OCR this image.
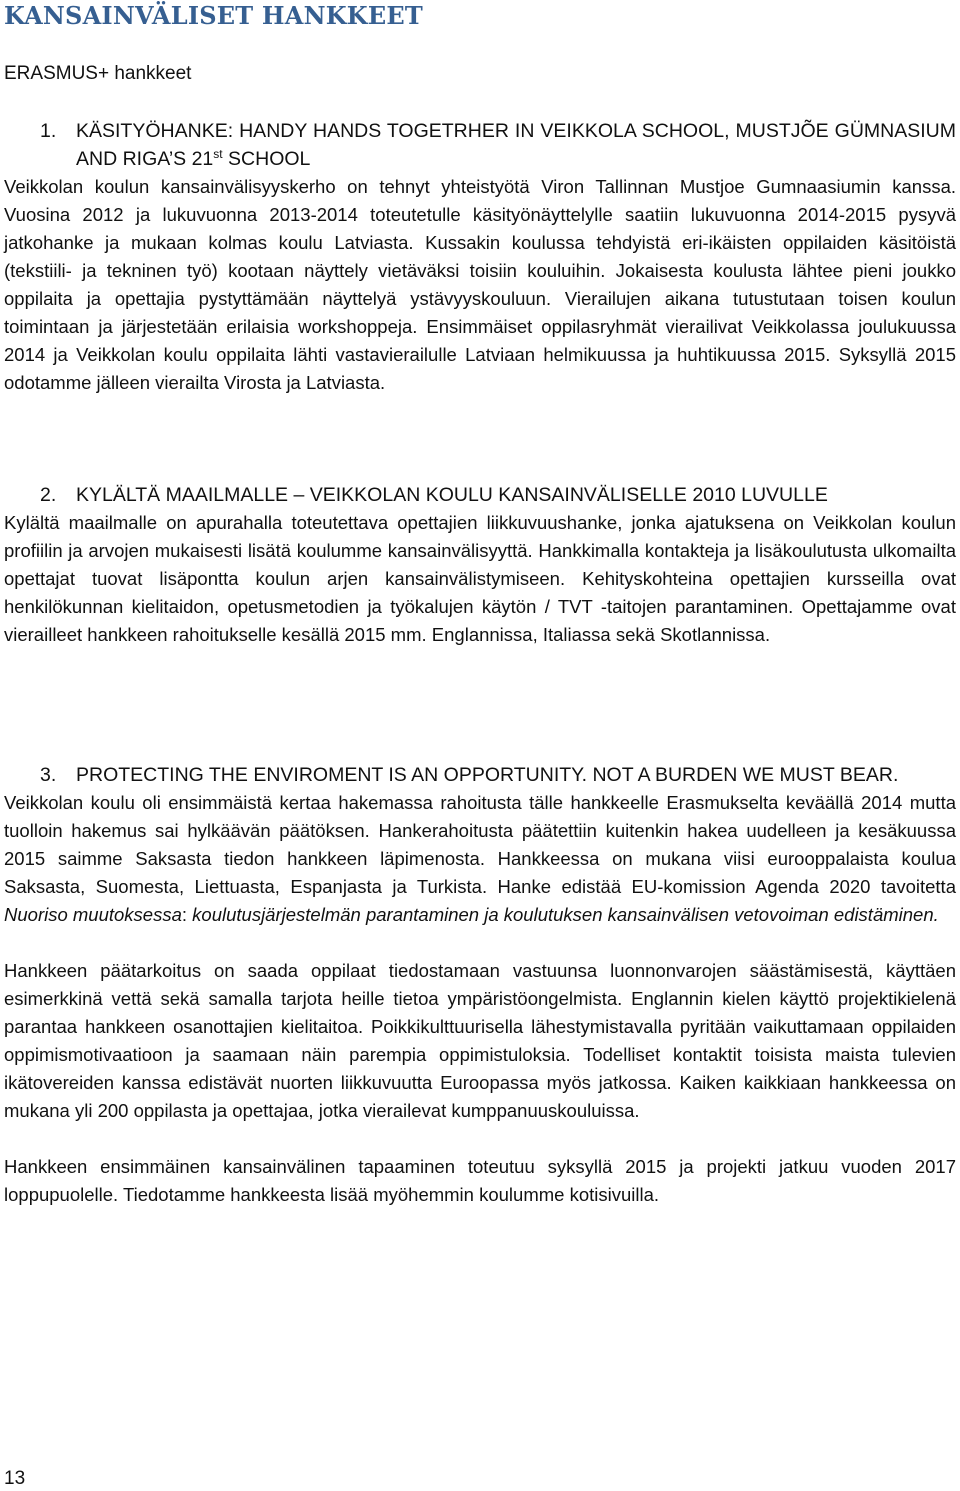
KANSAINVÄLISET HANKKEET
ERASMUS+ hankkeet
1.	KÄSITYÖHANKE: HANDY HANDS TOGETRHER IN VEIKKOLA SCHOOL, MUSTJÕE GÜMNASIUM AND RIGA’S 21st SCHOOL

Veikkolan koulun kansainvälisyyskerho on tehnyt yhteistyötä Viron Tallinnan Mustjoe Gumnaasiumin kanssa. Vuosina 2012 ja lukuvuonna 2013-2014 toteutetulle käsityönäyttelylle saatiin lukuvuonna 2014-2015 pysyvä jatkohanke ja mukaan kolmas koulu Latviasta. Kussakin koulussa tehdyistä eri-ikäisten oppilaiden käsitöistä (tekstiili- ja tekninen työ) kootaan näyttely vietäväksi toisiin kouluihin. Jokaisesta koulusta lähtee pieni joukko oppilaita ja opettajia pystyttämään näyttelyä ystävyyskouluun. Vierailujen aikana tutustutaan toisen koulun toimintaan ja järjestetään erilaisia workshoppeja. Ensimmäiset oppilasryhmät vierailivat Veikkolassa joulukuussa 2014 ja Veikkolan koulu oppilaita lähti vastavierailulle Latviaan helmikuussa ja huhtikuussa 2015. Syksyllä 2015 odotamme jälleen vierailta Virosta ja Latviasta.

2.	KYLÄLTÄ MAAILMALLE – VEIKKOLAN KOULU KANSAINVÄLISELLE 2010 LUVULLE

Kylältä maailmalle on apurahalla toteutettava opettajien liikkuvuushanke, jonka ajatuksena on Veikkolan koulun profiilin ja arvojen mukaisesti lisätä koulumme kansainvälisyyttä. Hankkimalla kontakteja ja lisäkoulutusta ulkomailta opettajat tuovat lisäpontta koulun arjen kansainvälistymiseen. Kehityskohteina opettajien kursseilla ovat henkilökunnan kielitaidon, opetusmetodien ja työkalujen käytön / TVT -taitojen parantaminen. Opettajamme ovat vierailleet hankkeen rahoitukselle kesällä 2015 mm. Englannissa, Italiassa sekä Skotlannissa.

3.	PROTECTING THE ENVIROMENT IS AN OPPORTUNITY. NOT A BURDEN WE MUST BEAR.

Veikkolan koulu oli ensimmäistä kertaa hakemassa rahoitusta tälle hankkeelle Erasmukselta keväällä 2014 mutta tuolloin hakemus sai hylkäävän päätöksen. Hankerahoitusta päätettiin kuitenkin hakea uudelleen ja kesäkuussa 2015 saimme Saksasta tiedon hankkeen läpimenosta. Hankkeessa on mukana viisi eurooppalaista koulua Saksasta, Suomesta, Liettuasta, Espanjasta ja Turkista. Hanke edistää EU-komission Agenda 2020 tavoitetta Nuoriso muutoksessa: koulutusjärjestelmän parantaminen ja koulutuksen kansainvälisen vetovoiman edistäminen.

Hankkeen päätarkoitus on saada oppilaat tiedostamaan vastuunsa luonnonvarojen säästämisestä, käyttäen esimerkkinä vettä sekä samalla tarjota heille tietoa ympäristöongelmista. Englannin kielen käyttö projektikielenä parantaa hankkeen osanottajien kielitaitoa. Poikkikulttuurisella lähestymistavalla pyritään vaikuttamaan oppilaiden oppimismotivaatioon ja saamaan näin parempia oppimistuloksia. Todelliset kontaktit toisista maista tulevien ikätovereiden kanssa edistävät nuorten liikkuvuutta Euroopassa myös jatkossa. Kaiken kaikkiaan hankkeessa on mukana yli 200 oppilasta ja opettajaa, jotka vierailevat kumppanuuskouluissa.

Hankkeen ensimmäinen kansainvälinen tapaaminen toteutuu syksyllä 2015 ja projekti jatkuu vuoden 2017 loppupuolelle. Tiedotamme hankkeesta lisää myöhemmin koulumme kotisivuilla.

13
